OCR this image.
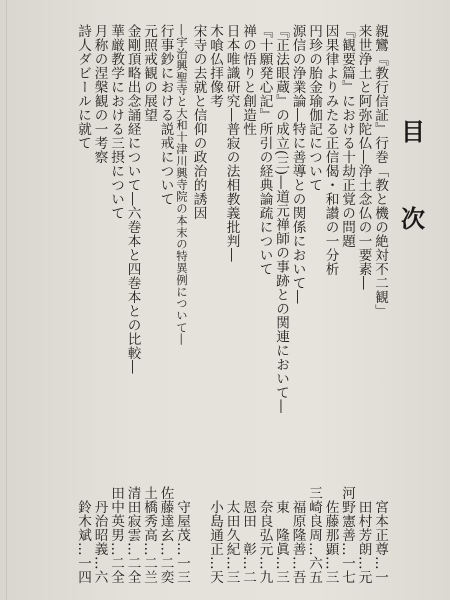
目
次
親鸞『教行信証』行巻「教と機の絶対不二観」
宮本正尊…一
来世浄土と阿弥陀仏―浄土念仏の一要素―
田村芳朗…元
『観要篇』における十劫正覚の問題
河野憲善…一七
因果律よりみたる正信偈・和讃の一分析
佐藤那顕…三
円珍の胎金瑜伽記について
三崎良周…六五
源信の浄業論―特に善導との関係において―
福原隆善…吾
『正法眼蔵』の成立(三)―道元禅師の事跡との関連において―
東　隆眞…三
『十願発心記』所引の経典論疏について
奈良弘元…九
禅の悟りと創造性
恩田　彰…二
日本唯識研究―普寂の法相教義批判―
太田久紀…三
木喰仏拝像考
小島通正…天
宋寺の去就と信仰の政治的誘因
―宇治興聖寺と大和十津川興寺院の本末の特異例について―
守屋茂…一三
行事鈔における説戒について
佐藤達玄…二奕
元照戒観の展望
土橋秀高…二兰
金剛頂略出念誦経について―六巻本と四巻本との比較―
清田寂雲…二全
華厳教学における三摂について
田中英男…二全
月称の涅槃観の一考察
丹治昭義…六
詩人ダビールに就て
鈴木斌…一四
